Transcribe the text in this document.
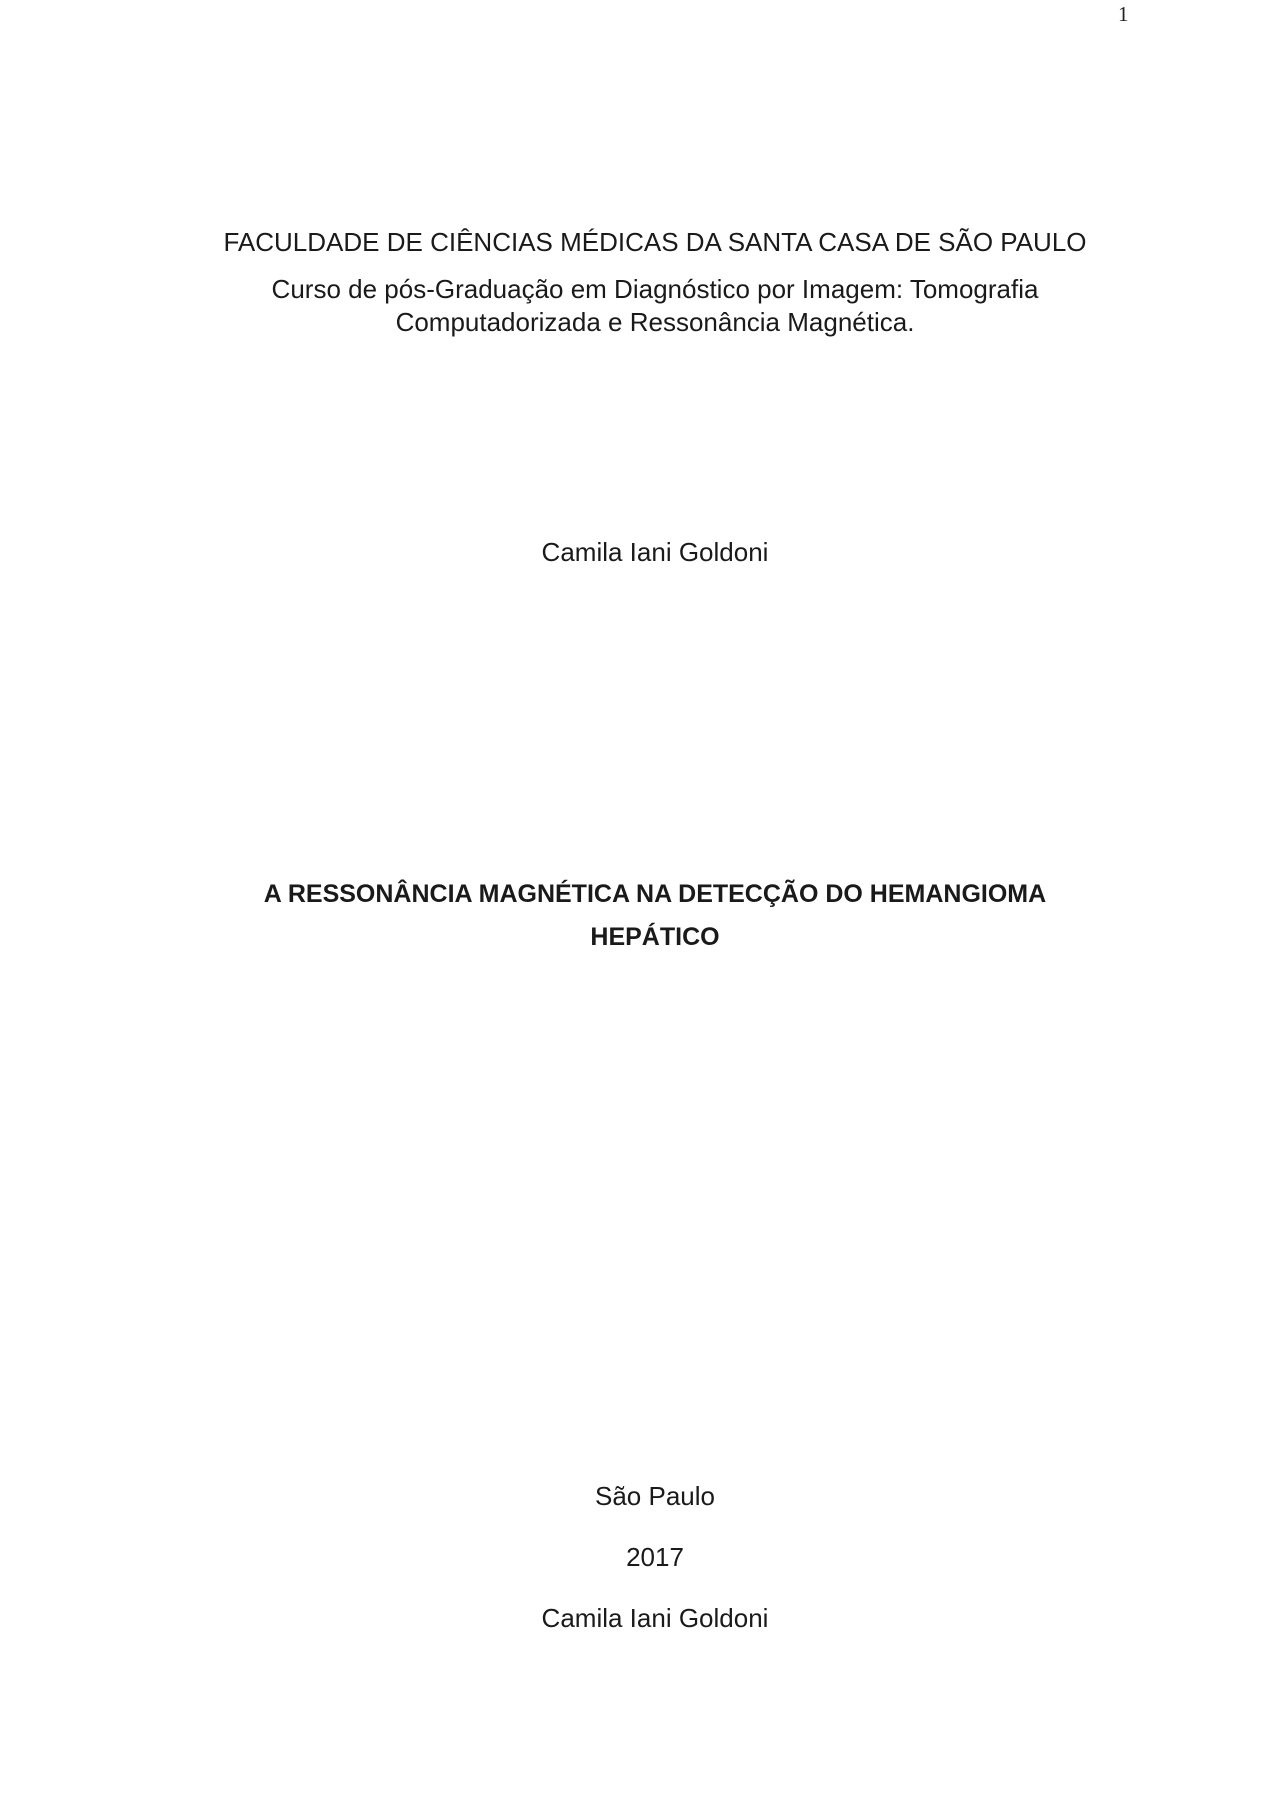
1
FACULDADE DE CIÊNCIAS MÉDICAS DA SANTA CASA DE SÃO PAULO
Curso de pós-Graduação em Diagnóstico por Imagem: Tomografia
Computadorizada e Ressonância Magnética.
Camila Iani Goldoni
A RESSONÂNCIA MAGNÉTICA NA DETECÇÃO DO HEMANGIOMA
HEPÁTICO
São Paulo
2017
Camila Iani Goldoni
